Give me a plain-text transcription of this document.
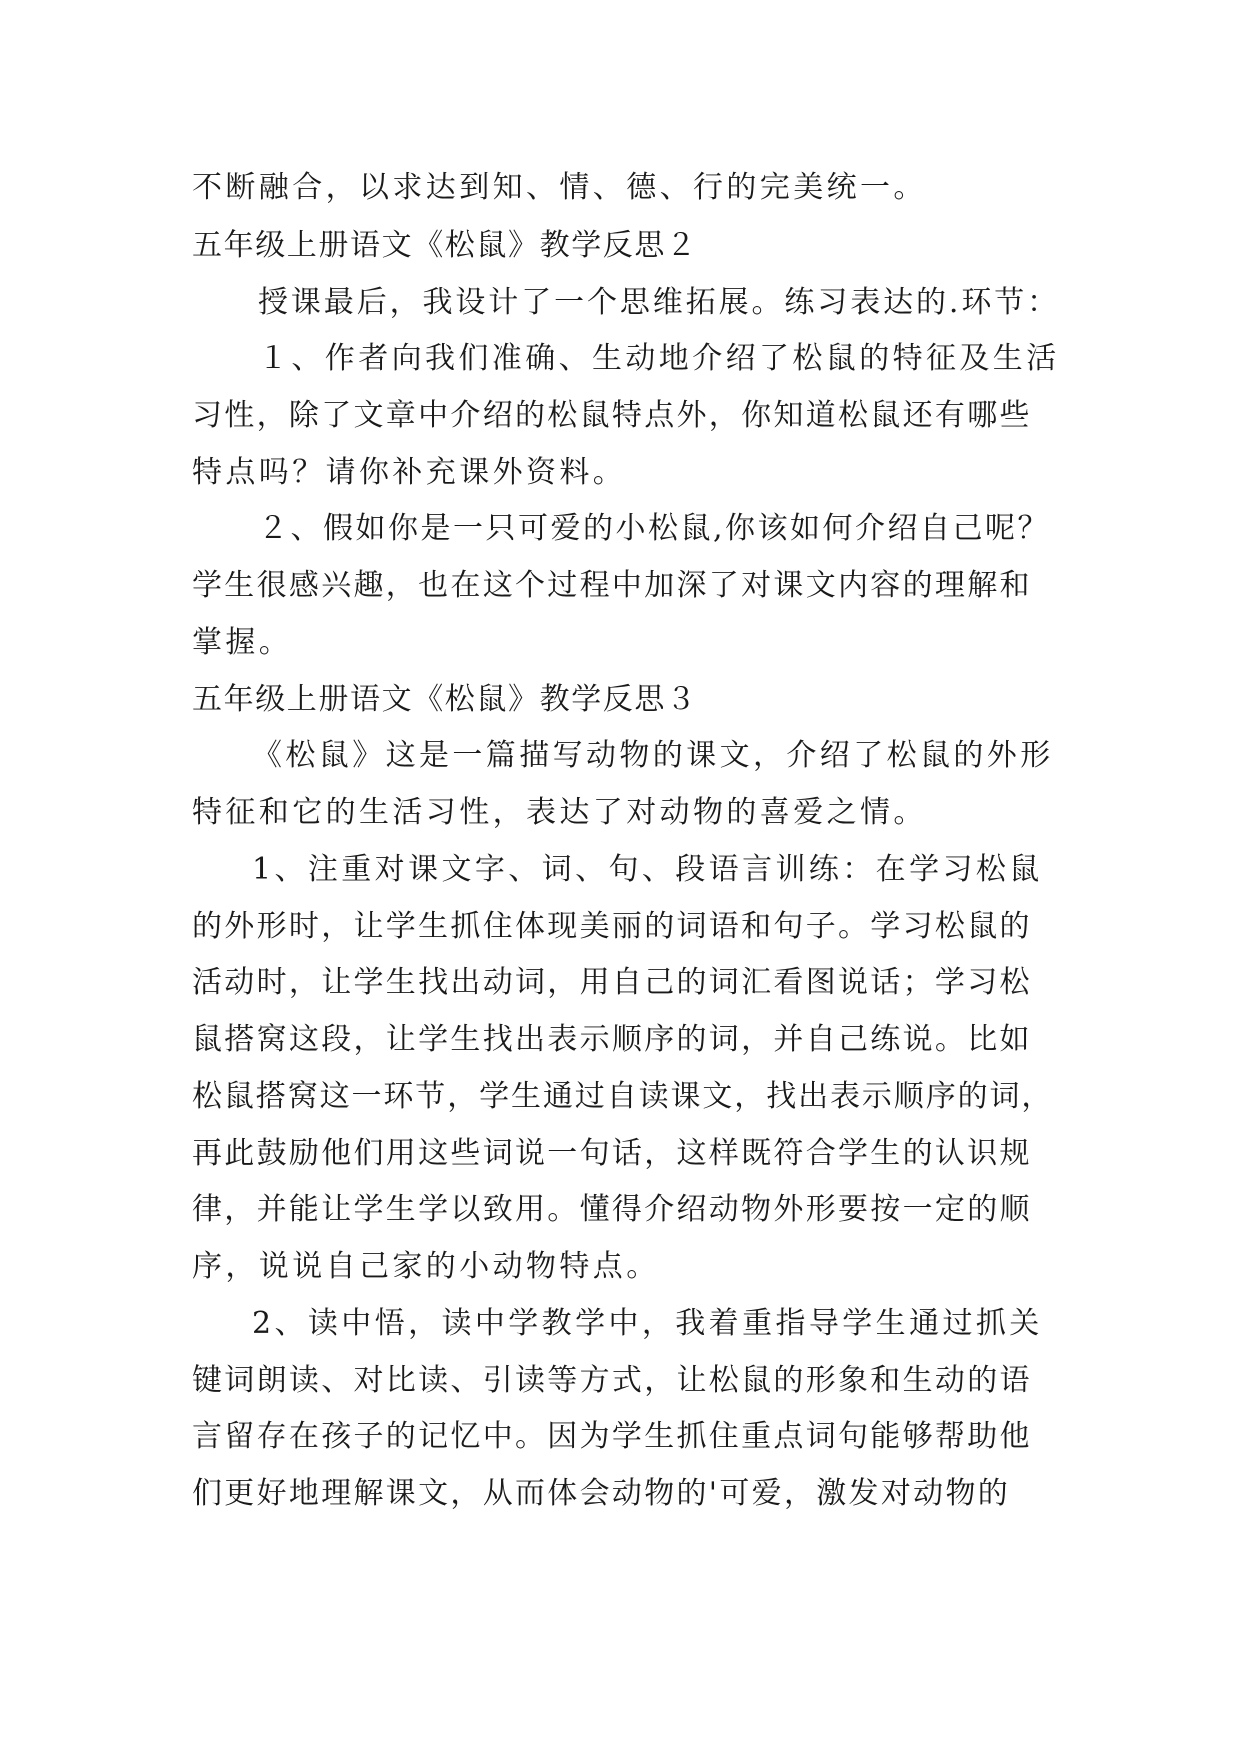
不断融合，以求达到知、情、德、行的完美统一。
五年级上册语文《松鼠》教学反思２
授课最后，我设计了一个思维拓展。练习表达的.环节：
１、作者向我们准确、生动地介绍了松鼠的特征及生活
习性，除了文章中介绍的松鼠特点外，你知道松鼠还有哪些
特点吗？请你补充课外资料。
２、假如你是一只可爱的小松鼠,你该如何介绍自己呢？
学生很感兴趣，也在这个过程中加深了对课文内容的理解和
掌握。
五年级上册语文《松鼠》教学反思３
《松鼠》这是一篇描写动物的课文，介绍了松鼠的外形
特征和它的生活习性，表达了对动物的喜爱之情。
1、注重对课文字、词、句、段语言训练：在学习松鼠
的外形时，让学生抓住体现美丽的词语和句子。学习松鼠的
活动时，让学生找出动词，用自己的词汇看图说话；学习松
鼠搭窝这段，让学生找出表示顺序的词，并自己练说。比如
松鼠搭窝这一环节，学生通过自读课文，找出表示顺序的词，
再此鼓励他们用这些词说一句话，这样既符合学生的认识规
律，并能让学生学以致用。懂得介绍动物外形要按一定的顺
序，说说自己家的小动物特点。
2、读中悟，读中学教学中，我着重指导学生通过抓关
键词朗读、对比读、引读等方式，让松鼠的形象和生动的语
言留存在孩子的记忆中。因为学生抓住重点词句能够帮助他
们更好地理解课文，从而体会动物的'可爱，激发对动物的
